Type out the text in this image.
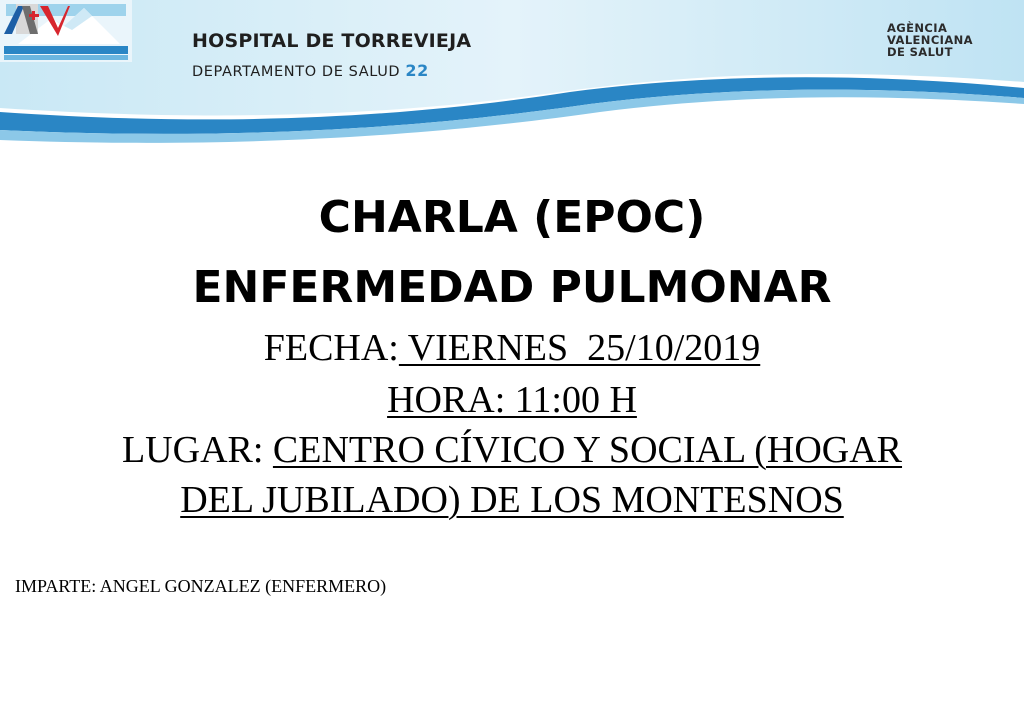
HOSPITAL DE TORREVIEJA
DEPARTAMENTO DE SALUD 22
AGÈNCIA
VALENCIANA
DE SALUT
CHARLA (EPOC)
ENFERMEDAD PULMONAR
FECHA: VIERNES  25/10/2019
HORA: 11:00 H
LUGAR: CENTRO CÍVICO Y SOCIAL (HOGAR
DEL JUBILADO) DE LOS MONTESNOS
IMPARTE: ANGEL GONZALEZ (ENFERMERO)
